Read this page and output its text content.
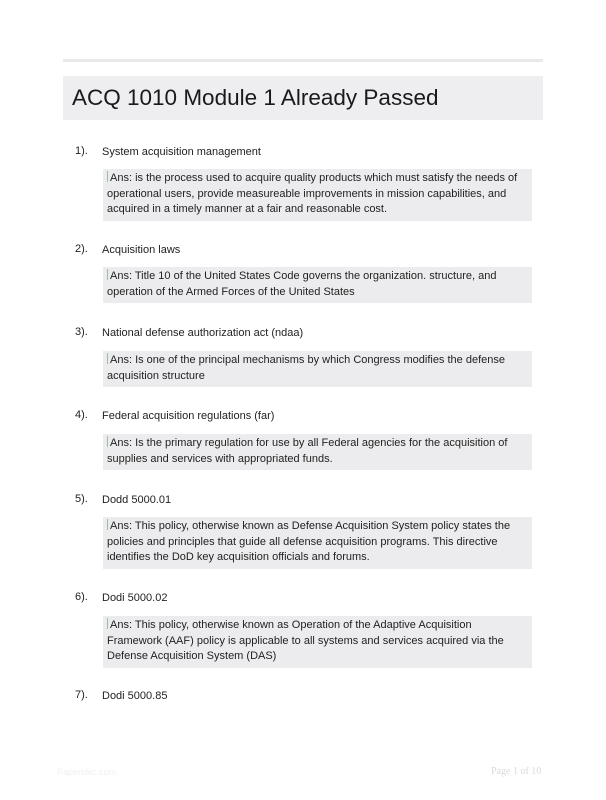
ACQ 1010 Module 1 Already Passed
1). System acquisition management
Ans: is the process used to acquire quality products which must satisfy the needs of operational users, provide measureable improvements in mission capabilities, and acquired in a timely manner at a fair and reasonable cost.
2). Acquisition laws
Ans: Title 10 of the United States Code governs the organization. structure, and operation of the Armed Forces of the United States
3). National defense authorization act (ndaa)
Ans: Is one of the principal mechanisms by which Congress modifies the defense acquisition structure
4). Federal acquisition regulations (far)
Ans: Is the primary regulation for use by all Federal agencies for the acquisition of supplies and services with appropriated funds.
5). Dodd 5000.01
Ans: This policy, otherwise known as Defense Acquisition System policy states the policies and principles that guide all defense acquisition programs. This directive identifies the DoD key acquisition officials and forums.
6). Dodi 5000.02
Ans: This policy, otherwise known as Operation of the Adaptive Acquisition Framework (AAF) policy is applicable to all systems and services acquired via the Defense Acquisition System (DAS)
7). Dodi 5000.85
Paperbliic.com	Page 1 of 10
